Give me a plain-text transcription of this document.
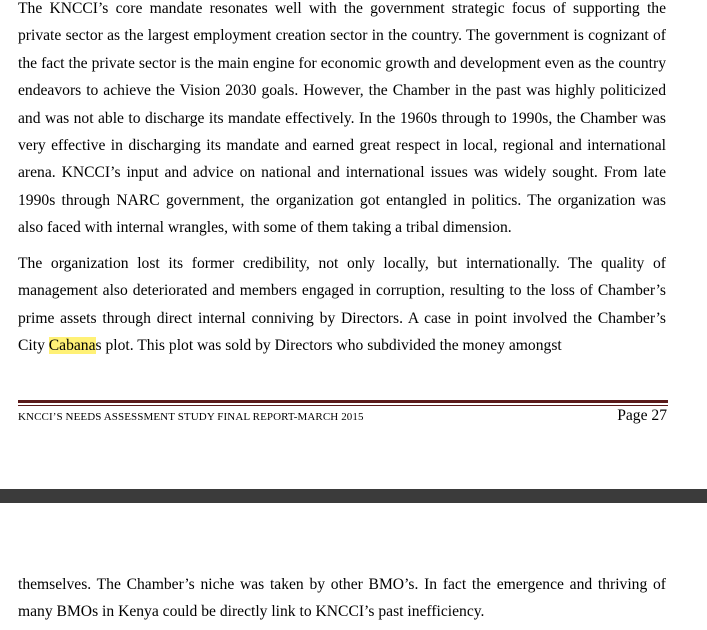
The KNCCI’s core mandate resonates well with the government strategic focus of supporting the private sector as the largest employment creation sector in the country. The government is cognizant of the fact the private sector is the main engine for economic growth and development even as the country endeavors to achieve the Vision 2030 goals. However, the Chamber in the past was highly politicized and was not able to discharge its mandate effectively. In the 1960s through to 1990s, the Chamber was very effective in discharging its mandate and earned great respect in local, regional and international arena. KNCCI’s input and advice on national and international issues was widely sought. From late 1990s through NARC government, the organization got entangled in politics. The organization was also faced with internal wrangles, with some of them taking a tribal dimension.

The organization lost its former credibility, not only locally, but internationally. The quality of management also deteriorated and members engaged in corruption, resulting to the loss of Chamber’s prime assets through direct internal conniving by Directors. A case in point involved the Chamber’s City Cabanas plot. This plot was sold by Directors who subdivided the money amongst

KNCCI’S NEEDS ASSESSMENT STUDY FINAL REPORT-MARCH 2015	Page 27

themselves. The Chamber’s niche was taken by other BMO’s. In fact the emergence and thriving of many BMOs in Kenya could be directly link to KNCCI’s past inefficiency.
